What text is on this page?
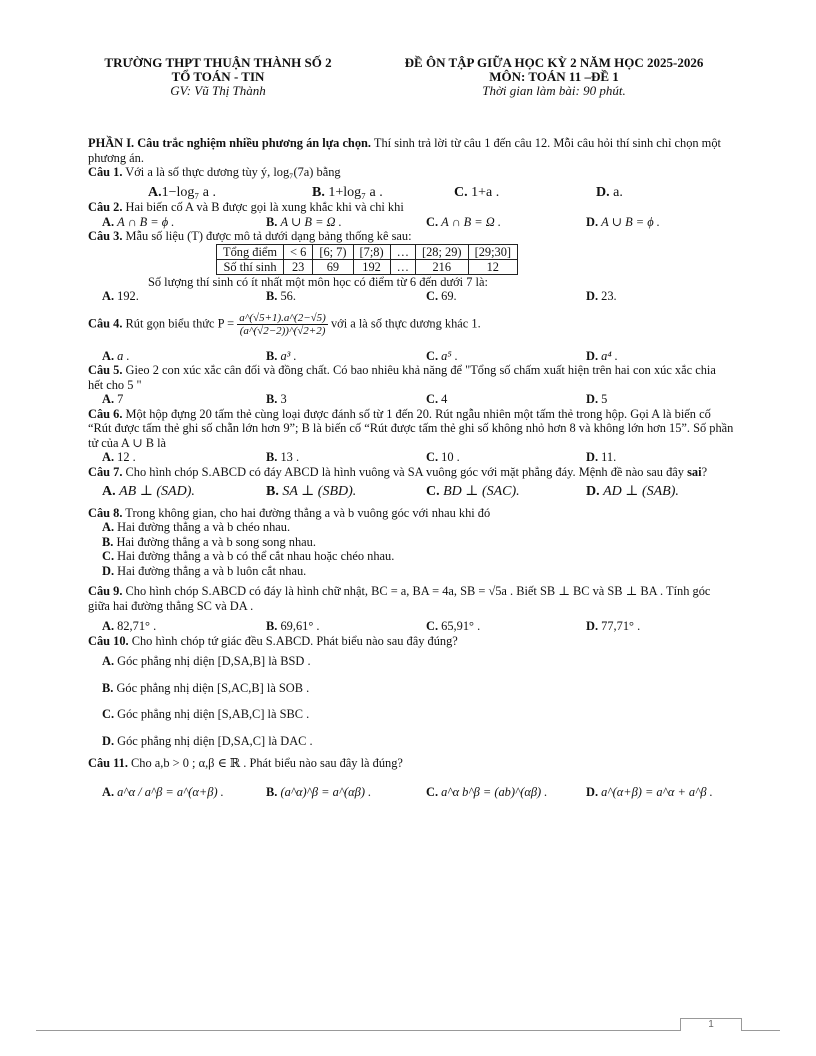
TRƯỜNG THPT THUẬN THÀNH SỐ 2
TỔ TOÁN - TIN
GV: Vũ Thị Thành
ĐỀ ÔN TẬP GIỮA HỌC KỲ 2 NĂM HỌC 2025-2026
MÔN: TOÁN 11 –ĐỀ 1
Thời gian làm bài: 90 phút.

PHẦN I. Câu trắc nghiệm nhiều phương án lựa chọn. Thí sinh trả lời từ câu 1 đến câu 12. Mỗi câu hỏi thí sinh chỉ chọn một phương án.

Câu 1. Với a là số thực dương tùy ý, log₇(7a) bằng

A.1−log₇ a .	B. 1+log₇ a .	C. 1+a .	D. a.

Câu 2. Hai biến cố A và B được gọi là xung khắc khi và chỉ khi

A. A ∩ B = ϕ .	B. A ∪ B = Ω .	C. A ∩ B = Ω .	D. A ∪ B = ϕ .

Câu 3. Mẫu số liệu (T) được mô tả dưới dạng bảng thống kê sau:

Tổng điểm	< 6	[6; 7)	[7;8)	…	[28; 29)	[29;30]
Số thí sinh	23	69	192	…	216	12

Số lượng thí sinh có ít nhất một môn học có điểm từ 6 đến dưới 7 là:

A. 192.	B. 56.	C. 69.	D. 23.

Câu 4. Rút gọn biểu thức $P = \frac{a\^{}(√5+1).a\^{}(2-√5)}{(a\^{}(√2-2))\^{}(√2+2)}$ với a là số thực dương khác 1.

A. a .	B. a³ .	C. a⁵ .	D. a⁴ .

Câu 5. Gieo 2 con xúc xắc cân đối và đồng chất. Có bao nhiêu khả năng để "Tổng số chấm xuất hiện trên hai con xúc xắc chia hết cho 5 "

A. 7	B. 3	C. 4	D. 5

Câu 6. Một hộp đựng 20 tấm thẻ cùng loại được đánh số từ 1 đến 20. Rút ngẫu nhiên một tấm thẻ trong hộp. Gọi A là biến cố “Rút được tấm thẻ ghi số chẵn lớn hơn 9”; B là biến cố “Rút được tấm thẻ ghi số không nhỏ hơn 8 và không lớn hơn 15”. Số phần tử của A ∪ B là

A. 12 .	B. 13 .	C. 10 .	D. 11.

Câu 7. Cho hình chóp S.ABCD có đáy ABCD là hình vuông và SA vuông góc với mặt phẳng đáy. Mệnh đề nào sau đây sai?

A. AB ⊥ (SAD).	B. SA ⊥ (SBD).	C. BD ⊥ (SAC).	D. AD ⊥ (SAB).

Câu 8. Trong không gian, cho hai đường thẳng a và b vuông góc với nhau khi đó

A. Hai đường thẳng a và b chéo nhau.
B. Hai đường thẳng a và b song song nhau.
C. Hai đường thẳng a và b có thể cắt nhau hoặc chéo nhau.
D. Hai đường thẳng a và b luôn cắt nhau.

Câu 9. Cho hình chóp S.ABCD có đáy là hình chữ nhật, BC = a, BA = 4a, SB = √5a . Biết SB ⊥ BC và SB ⊥ BA . Tính góc giữa hai đường thẳng SC và DA .

A. 82,71° .	B. 69,61° .	C. 65,91° .	D. 77,71° .

Câu 10. Cho hình chóp tứ giác đều S.ABCD. Phát biểu nào sau đây đúng?

A. Góc phẳng nhị diện [D,SA,B] là BSD .
B. Góc phẳng nhị diện [S,AC,B] là SOB .
C. Góc phẳng nhị diện [S,AB,C] là SBC .
D. Góc phẳng nhị diện [D,SA,C] là DAC .

Câu 11. Cho a,b > 0 ; α,β ∈ ℝ . Phát biểu nào sau đây là đúng?

A. a^α / a^β = a^(α+β) .	B. (a^α)^β = a^(αβ) .	C. a^α b^β = (ab)^(αβ) .	D. a^(α+β) = a^α + a^β .
1
